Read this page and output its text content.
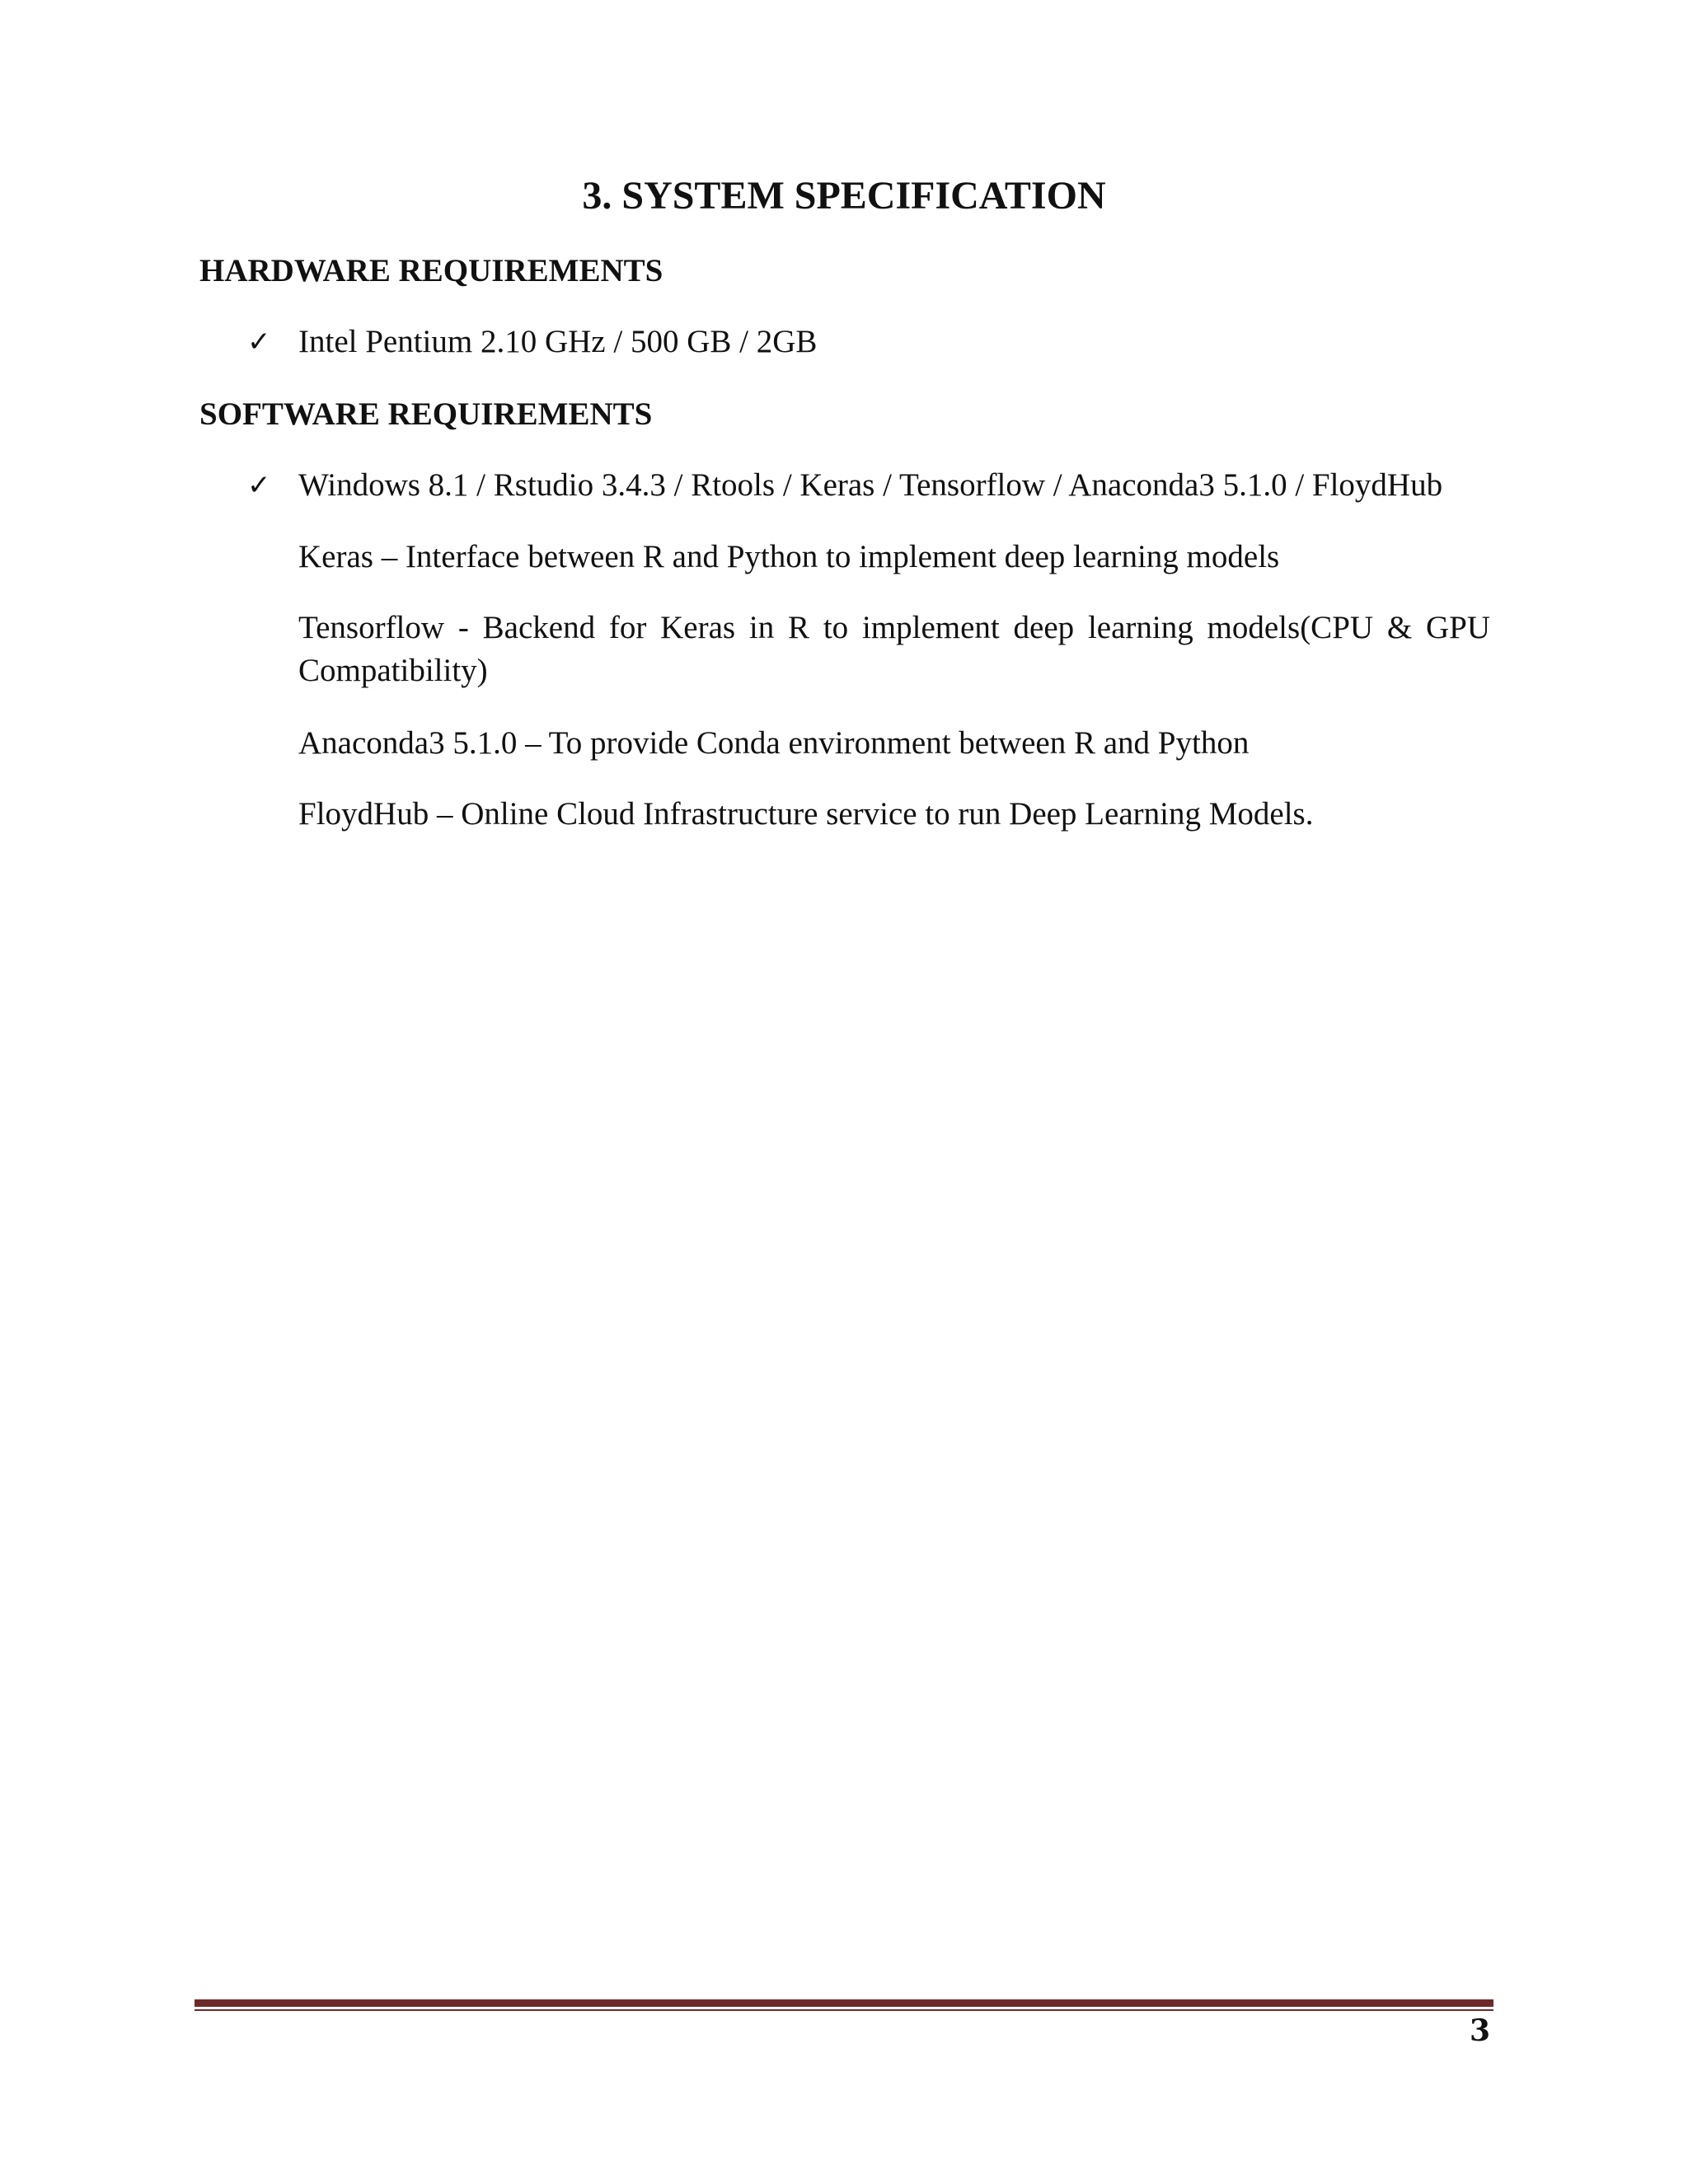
3. SYSTEM SPECIFICATION
HARDWARE REQUIREMENTS
✓ Intel Pentium 2.10 GHz / 500 GB / 2GB
SOFTWARE REQUIREMENTS
✓ Windows 8.1 / Rstudio 3.4.3 / Rtools / Keras / Tensorflow / Anaconda3 5.1.0 / FloydHub
Keras – Interface between R and Python to implement deep learning models
Tensorflow - Backend for Keras in R to implement deep learning models(CPU & GPU Compatibility)
Anaconda3 5.1.0 – To provide Conda environment between R and Python
FloydHub – Online Cloud Infrastructure service to run Deep Learning Models.
3
